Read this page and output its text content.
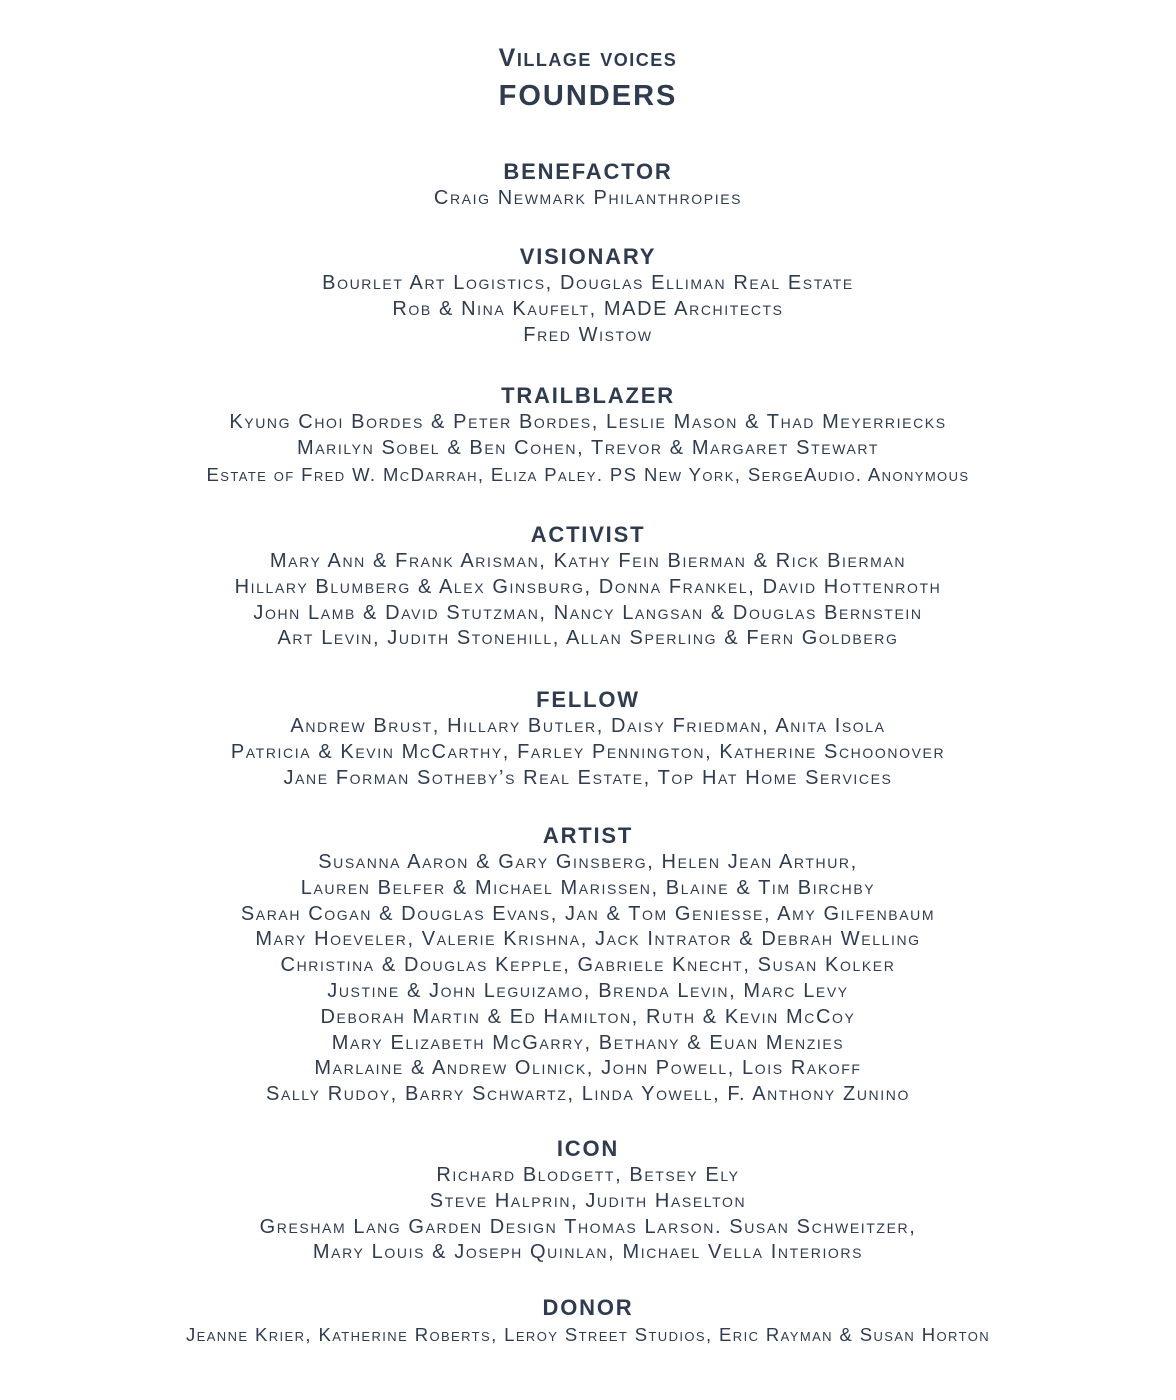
Village voices
FOUNDERS
BENEFACTOR
Craig Newmark Philanthropies
VISIONARY
Bourlet Art Logistics, Douglas Elliman Real Estate
Rob & Nina Kaufelt, MADE Architects
Fred Wistow
TRAILBLAZER
Kyung Choi Bordes & Peter Bordes, Leslie Mason & Thad Meyerriecks
Marilyn Sobel & Ben Cohen, Trevor & Margaret Stewart
Estate of Fred W. McDarrah, Eliza Paley. PS New York, SergeAudio. Anonymous
ACTIVIST
Mary Ann & Frank Arisman, Kathy Fein Bierman & Rick Bierman
Hillary Blumberg & Alex Ginsburg, Donna Frankel, David Hottenroth
John Lamb & David Stutzman, Nancy Langsan & Douglas Bernstein
Art Levin, Judith Stonehill, Allan Sperling & Fern Goldberg
FELLOW
Andrew Brust, Hillary Butler, Daisy Friedman, Anita Isola
Patricia & Kevin McCarthy, Farley Pennington, Katherine Schoonover
Jane Forman Sotheby’s Real Estate, Top Hat Home Services
ARTIST
Susanna Aaron & Gary Ginsberg, Helen Jean Arthur,
Lauren Belfer & Michael Marissen, Blaine & Tim Birchby
Sarah Cogan & Douglas Evans, Jan & Tom Geniesse, Amy Gilfenbaum
Mary Hoeveler, Valerie Krishna, Jack Intrator & Debrah Welling
Christina & Douglas Kepple, Gabriele Knecht, Susan Kolker
Justine & John Leguizamo, Brenda Levin, Marc Levy
Deborah Martin & Ed Hamilton, Ruth & Kevin McCoy
Mary Elizabeth McGarry, Bethany & Euan Menzies
Marlaine & Andrew Olinick, John Powell, Lois Rakoff
Sally Rudoy, Barry Schwartz, Linda Yowell, F. Anthony Zunino
ICON
Richard Blodgett, Betsey Ely
Steve Halprin, Judith Haselton
Gresham Lang Garden Design Thomas Larson. Susan Schweitzer,
Mary Louis & Joseph Quinlan, Michael Vella Interiors
DONOR
Jeanne Krier, Katherine Roberts, Leroy Street Studios, Eric Rayman & Susan Horton
